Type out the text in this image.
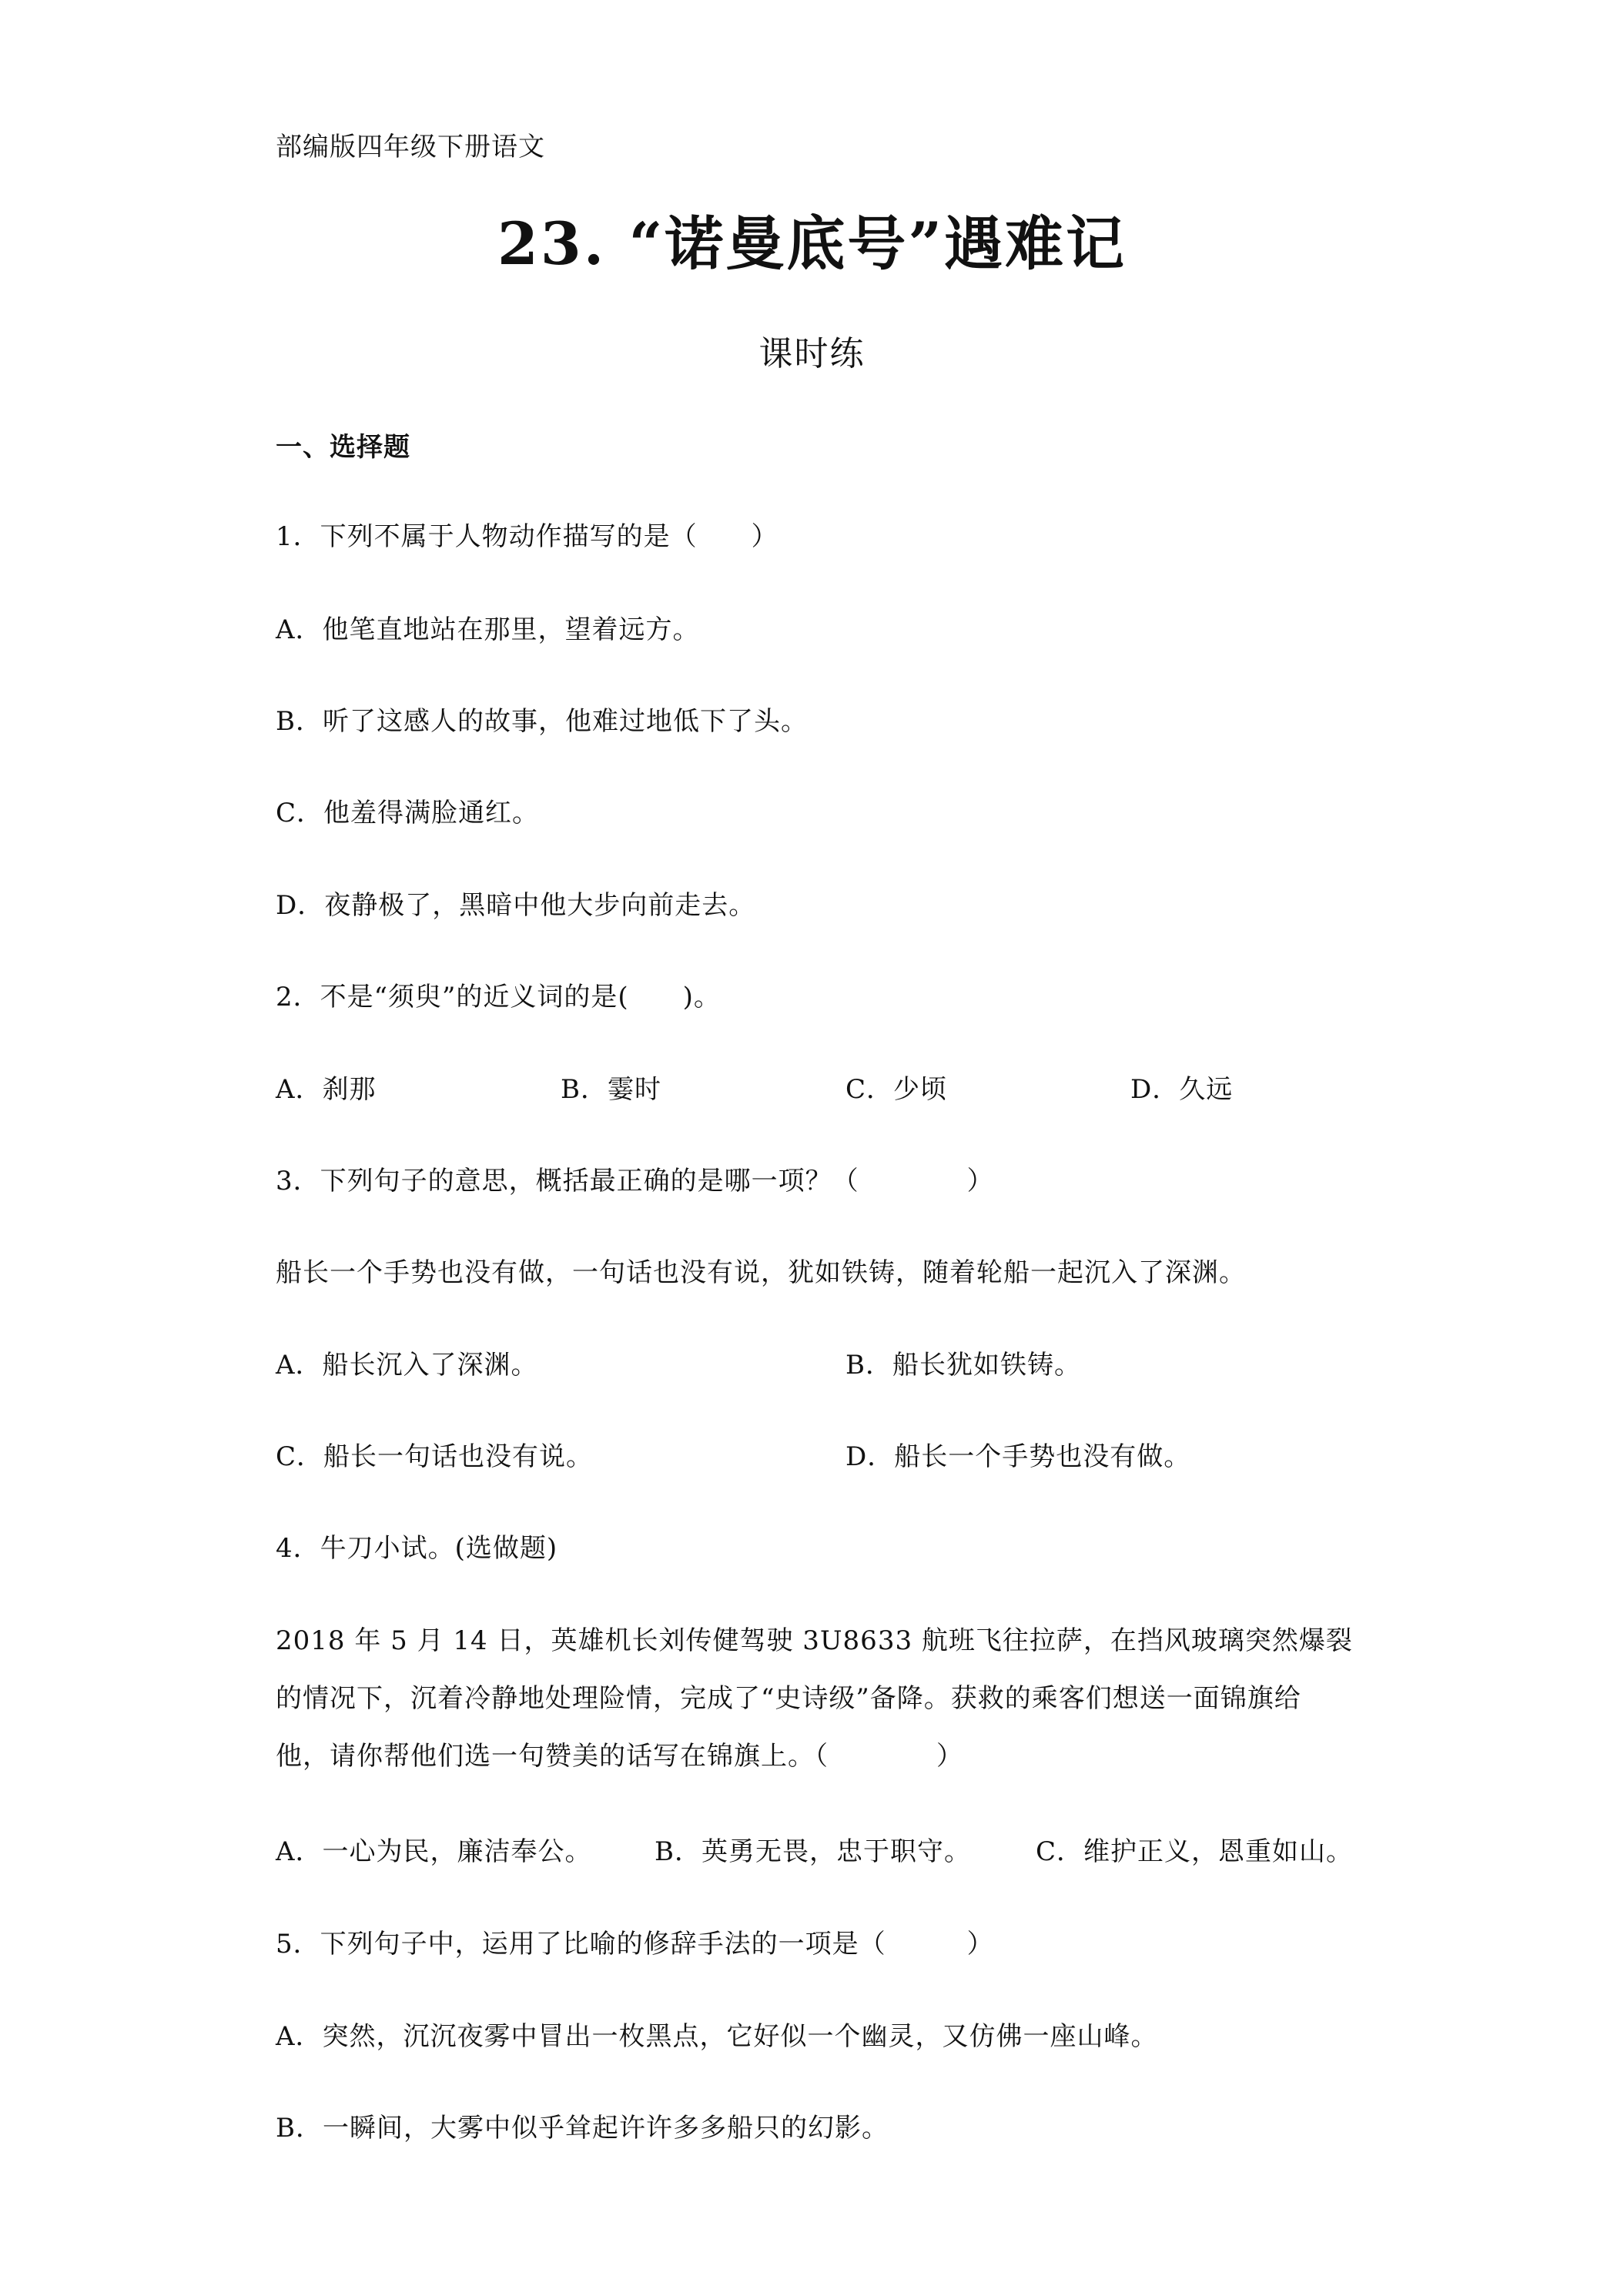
部编版四年级下册语文
23. “诺曼底号”遇难记
课时练
一、选择题
1．下列不属于人物动作描写的是（　　）
A．他笔直地站在那里，望着远方。
B．听了这感人的故事，他难过地低下了头。
C．他羞得满脸通红。
D．夜静极了，黑暗中他大步向前走去。
2．不是“须臾”的近义词的是(　　)。
A．刹那	B．霎时	C．少顷	D．久远
3．下列句子的意思，概括最正确的是哪一项？（　　　　）
船长一个手势也没有做，一句话也没有说，犹如铁铸，随着轮船一起沉入了深渊。
A．船长沉入了深渊。	B．船长犹如铁铸。
C．船长一句话也没有说。	D．船长一个手势也没有做。
4．牛刀小试。(选做题)
2018 年 5 月 14 日，英雄机长刘传健驾驶 3U8633 航班飞往拉萨，在挡风玻璃突然爆裂
的情况下，沉着冷静地处理险情，完成了“史诗级”备降。获救的乘客们想送一面锦旗给
他，请你帮他们选一句赞美的话写在锦旗上。（　　　　）
A．一心为民，廉洁奉公。 B．英勇无畏，忠于职守。 C．维护正义，恩重如山。
5．下列句子中，运用了比喻的修辞手法的一项是（　　　）
A．突然，沉沉夜雾中冒出一枚黑点，它好似一个幽灵，又仿佛一座山峰。
B．一瞬间，大雾中似乎耸起许许多多船只的幻影。
